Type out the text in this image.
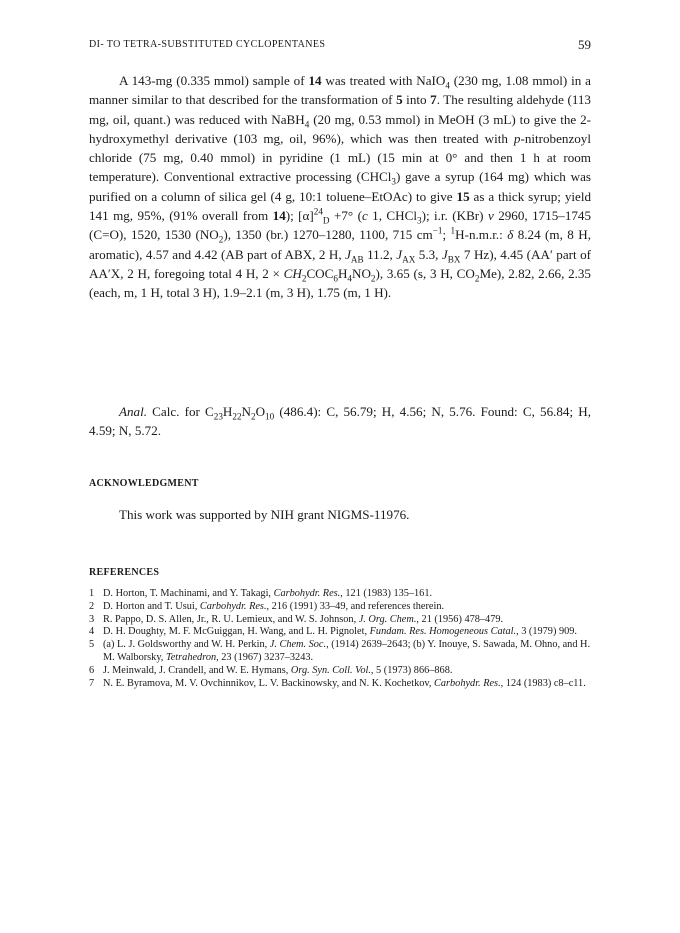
DI- TO TETRA-SUBSTITUTED CYCLOPENTANES	59

A 143-mg (0.335 mmol) sample of 14 was treated with NaIO$_4$ (230 mg, 1.08 mmol) in a manner similar to that described for the transformation of 5 into 7. The resulting aldehyde (113 mg, oil, quant.) was reduced with NaBH$_4$ (20 mg, 0.53 mmol) in MeOH (3 mL) to give the 2-hydroxymethyl derivative (103 mg, oil, 96%), which was then treated with p-nitrobenzoyl chloride (75 mg, 0.40 mmol) in pyridine (1 mL) (15 min at 0° and then 1 h at room temperature). Conventional extractive processing (CHCl$_3$) gave a syrup (164 mg) which was purified on a column of silica gel (4 g, 10:1 toluene–EtOAc) to give 15 as a thick syrup; yield 141 mg, 95%, (91% overall from 14); $[\alpha]^{24}_D +7^\circ$ (c 1, CHCl$_3$); i.r. (KBr) ν 2960, 1715–1745 (C=O), 1520, 1530 $(NO_2)$, 1350 (br.) 1270–1280, 1100, 715 $cm^{-1}$; $^1$H-n.m.r.: δ 8.24 (m, 8 H, aromatic), 4.57 and 4.42 (AB part of ABX, 2 H, $J_{AB}$ 11.2, $J_{AX}$ 5.3, $J_{BX}$ 7 Hz), 4.45 (AA′ part of AA′X, 2 H, foregoing total 4 H, $2 \times CH_2COC_6H_4NO_2$), 3.65 (s, 3 H, $CO_2Me$), 2.82, 2.66, 2.35 (each, m, 1 H, total 3 H), 1.9–2.1 (m, 3 H), 1.75 (m, 1 H).

Anal. Calc. for $C_{23}H_{22}N_2O_{10}$ (486.4): C, 56.79; H, 4.56; N, 5.76. Found: C, 56.84; H, 4.59; N, 5.72.

ACKNOWLEDGMENT

This work was supported by NIH grant NIGMS-11976.

REFERENCES
1 D. Horton, T. Machinami, and Y. Takagi, Carbohydr. Res., 121 (1983) 135–161.
2 D. Horton and T. Usui, Carbohydr. Res., 216 (1991) 33–49, and references therein.
3 R. Pappo, D. S. Allen, Jr., R. U. Lemieux, and W. S. Johnson, J. Org. Chem., 21 (1956) 478–479.
4 D. H. Doughty, M. F. McGuiggan, H. Wang, and L. H. Pignolet, Fundam. Res. Homogeneous Catal., 3 (1979) 909.
5 (a) L. J. Goldsworthy and W. H. Perkin, J. Chem. Soc., (1914) 2639–2643; (b) Y. Inouye, S. Sawada, M. Ohno, and H. M. Walborsky, Tetrahedron, 23 (1967) 3237–3243.
6 J. Meinwald, J. Crandell, and W. E. Hymans, Org. Syn. Coll. Vol., 5 (1973) 866–868.
7 N. E. Byramova, M. V. Ovchinnikov, L. V. Backinowsky, and N. K. Kochetkov, Carbohydr. Res., 124 (1983) c8–c11.
